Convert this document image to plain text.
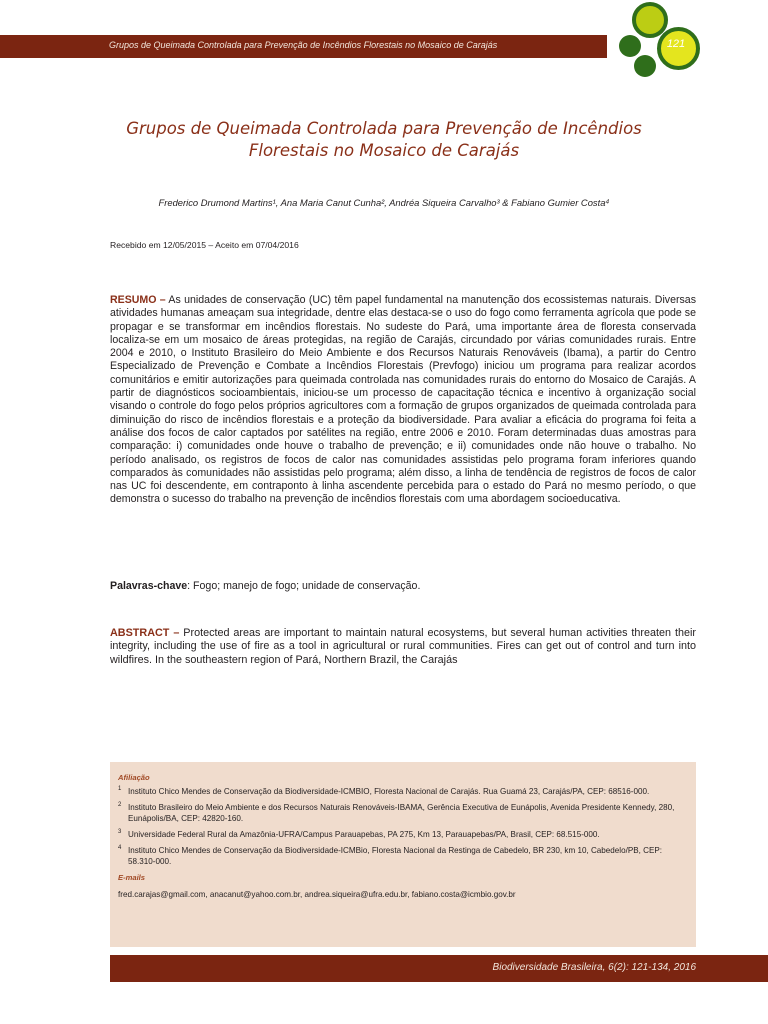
Grupos de Queimada Controlada para Prevenção de Incêndios Florestais no Mosaico de Carajás	121
Grupos de Queimada Controlada para Prevenção de Incêndios Florestais no Mosaico de Carajás
Frederico Drumond Martins¹, Ana Maria Canut Cunha², Andréa Siqueira Carvalho³ & Fabiano Gumier Costa⁴
Recebido em 12/05/2015 – Aceito em 07/04/2016

RESUMO – As unidades de conservação (UC) têm papel fundamental na manutenção dos ecossistemas naturais. Diversas atividades humanas ameaçam sua integridade, dentre elas destaca-se o uso do fogo como ferramenta agrícola que pode se propagar e se transformar em incêndios florestais. No sudeste do Pará, uma importante área de floresta conservada localiza-se em um mosaico de áreas protegidas, na região de Carajás, circundado por várias comunidades rurais. Entre 2004 e 2010, o Instituto Brasileiro do Meio Ambiente e dos Recursos Naturais Renováveis (Ibama), a partir do Centro Especializado de Prevenção e Combate a Incêndios Florestais (Prevfogo) iniciou um programa para realizar acordos comunitários e emitir autorizações para queimada controlada nas comunidades rurais do entorno do Mosaico de Carajás. A partir de diagnósticos socioambientais, iniciou-se um processo de capacitação técnica e incentivo à organização social visando o controle do fogo pelos próprios agricultores com a formação de grupos organizados de queimada controlada para diminuição do risco de incêndios florestais e a proteção da biodiversidade. Para avaliar a eficácia do programa foi feita a análise dos focos de calor captados por satélites na região, entre 2006 e 2010. Foram determinadas duas amostras para comparação: i) comunidades onde houve o trabalho de prevenção; e ii) comunidades onde não houve o trabalho. No período analisado, os registros de focos de calor nas comunidades assistidas pelo programa foram inferiores quando comparados às comunidades não assistidas pelo programa; além disso, a linha de tendência de registros de focos de calor nas UC foi descendente, em contraponto à linha ascendente percebida para o estado do Pará no mesmo período, o que demonstra o sucesso do trabalho na prevenção de incêndios florestais com uma abordagem socioeducativa.

Palavras-chave: Fogo; manejo de fogo; unidade de conservação.

ABSTRACT – Protected areas are important to maintain natural ecosystems, but several human activities threaten their integrity, including the use of fire as a tool in agricultural or rural communities. Fires can get out of control and turn into wildfires. In the southeastern region of Pará, Northern Brazil, the Carajás

Afiliação
1 Instituto Chico Mendes de Conservação da Biodiversidade-ICMBIO, Floresta Nacional de Carajás. Rua Guamá 23, Carajás/PA, CEP: 68516-000.
2 Instituto Brasileiro do Meio Ambiente e dos Recursos Naturais Renováveis-IBAMA, Gerência Executiva de Eunápolis, Avenida Presidente Kennedy, 280, Eunápolis/BA, CEP: 42820-160.
3 Universidade Federal Rural da Amazônia-UFRA/Campus Parauapebas, PA 275, Km 13, Parauapebas/PA, Brasil, CEP: 68.515-000.
4 Instituto Chico Mendes de Conservação da Biodiversidade-ICMBio, Floresta Nacional da Restinga de Cabedelo, BR 230, km 10, Cabedelo/PB, CEP: 58.310-000.
E-mails
fred.carajas@gmail.com, anacanut@yahoo.com.br, andrea.siqueira@ufra.edu.br, fabiano.costa@icmbio.gov.br
Biodiversidade Brasileira, 6(2): 121-134, 2016
